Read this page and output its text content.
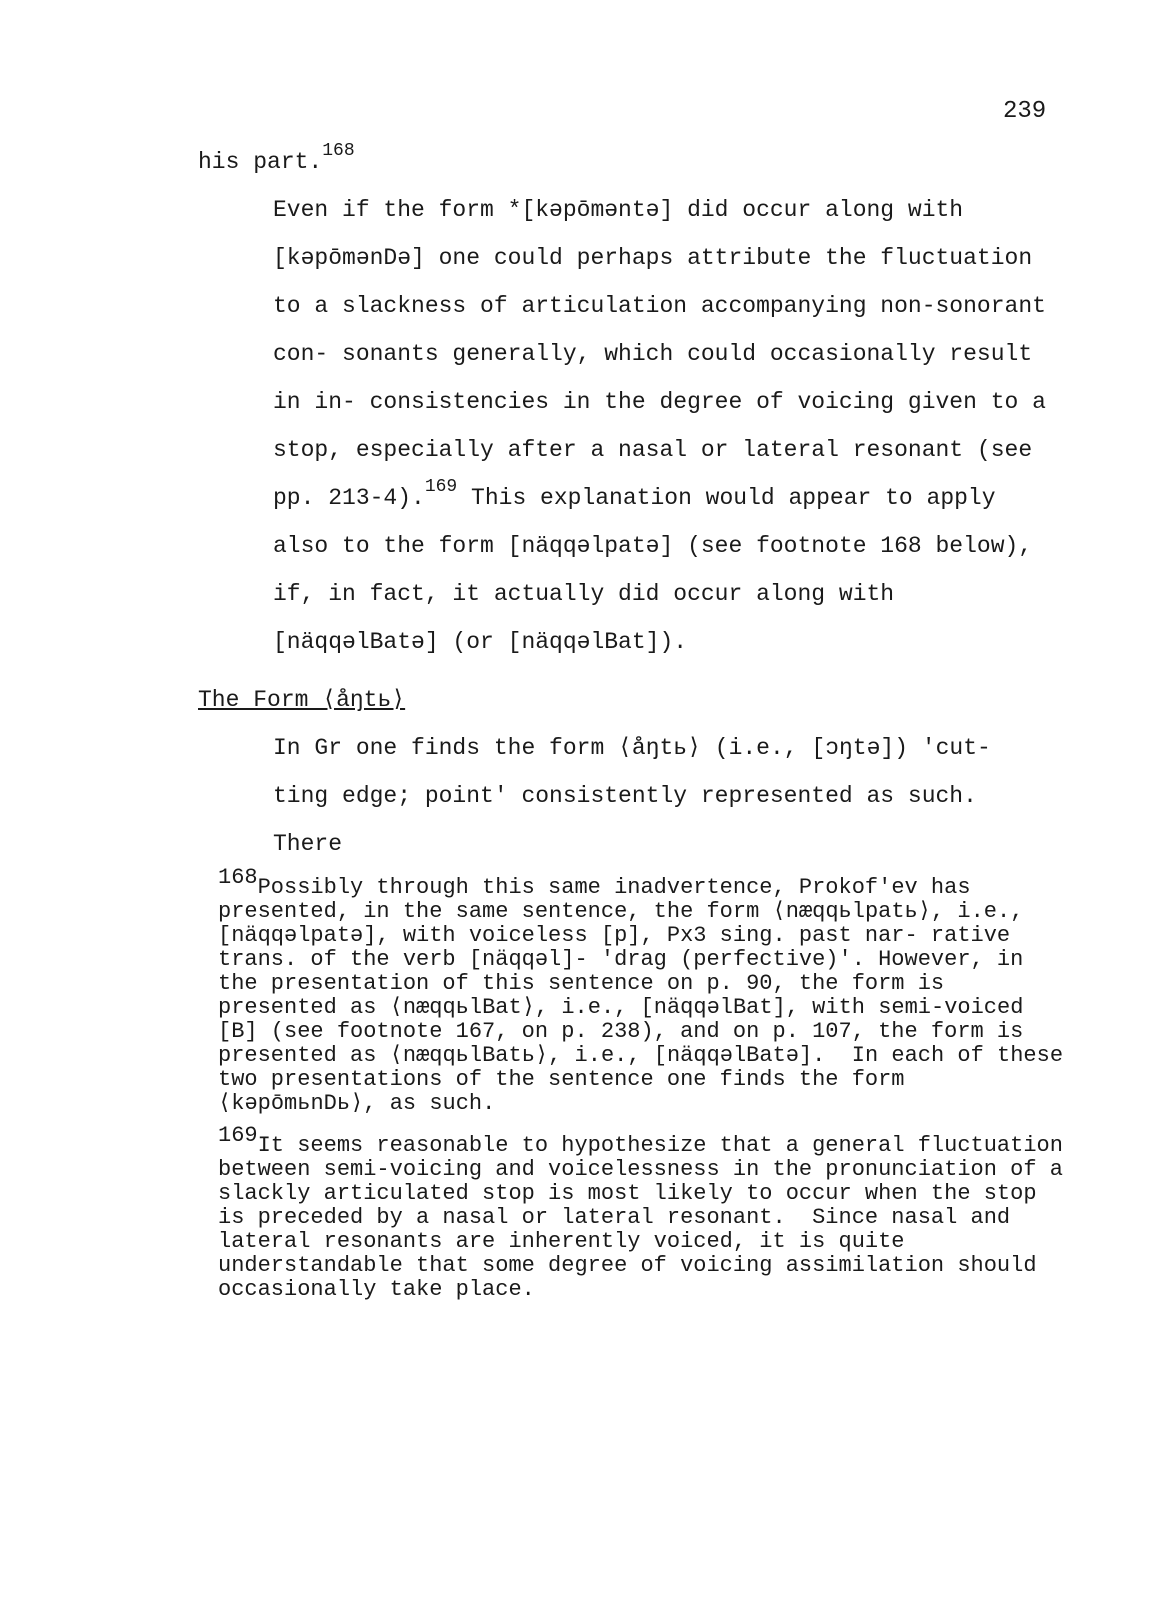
239

his part.$^{168}$

Even if the form *[kəpōməntə] did occur along with [kəpōmənDə] one could perhaps attribute the fluctuation to a slackness of articulation accompanying non-sonorant con- sonants generally, which could occasionally result in in- consistencies in the degree of voicing given to a stop, especially after a nasal or lateral resonant (see pp. 213-4).$^{169}$ This explanation would appear to apply also to the form [näqqəlpatə] (see footnote 168 below), if, in fact, it actually did occur along with [näqqəlBatə] (or [näqqəlBat]).

The Form ⟨åŋtь⟩

In Gr one finds the form ⟨åŋtь⟩ (i.e., [ɔŋtə]) 'cut- ting edge; point' consistently represented as such.  There

168Possibly through this same inadvertence, Prokof'ev has presented, in the same sentence, the form ⟨næqqьlpatь⟩, i.e., [näqqəlpatə], with voiceless [p], Px3 sing. past nar- rative trans. of the verb [näqqəl]- 'drag (perfective)'. However, in the presentation of this sentence on p. 90, the form is presented as ⟨næqqьlBat⟩, i.e., [näqqəlBat], with semi-voiced [B] (see footnote 167, on p. 238), and on p. 107, the form is presented as ⟨næqqьlBatь⟩, i.e., [näqqəlBatə].  In each of these two presentations of the sentence one finds the form ⟨kəpōmьnDь⟩, as such.

169It seems reasonable to hypothesize that a general fluctuation between semi-voicing and voicelessness in the pronunciation of a slackly articulated stop is most likely to occur when the stop is preceded by a nasal or lateral resonant.  Since nasal and lateral resonants are inherently voiced, it is quite understandable that some degree of voicing assimilation should occasionally take place.
